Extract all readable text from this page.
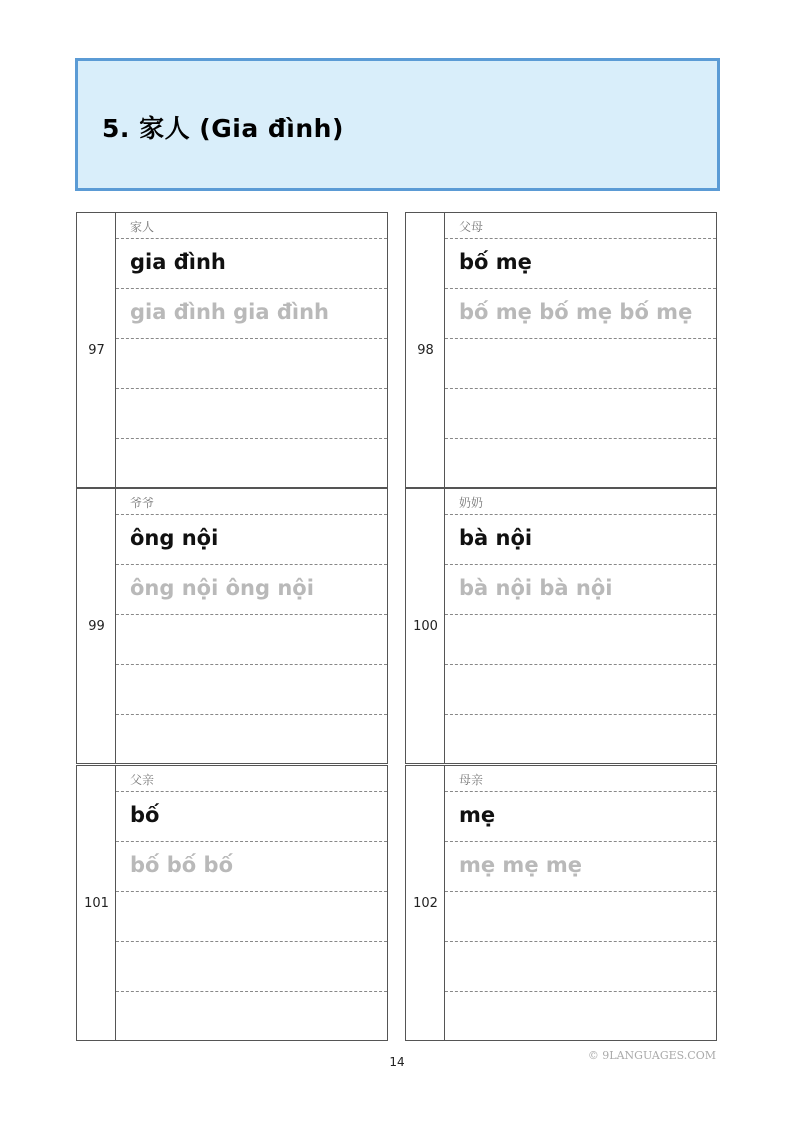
5. 家人 (Gia đình)
97
家人
gia đình
gia đình gia đình
98
父母
bố mẹ
bố mẹ bố mẹ bố mẹ
99
爷爷
ông nội
ông nội ông nội
100
奶奶
bà nội
bà nội bà nội
101
父亲
bố
bố bố bố
102
母亲
mẹ
mẹ mẹ mẹ
14	© 9LANGUAGES.COM
